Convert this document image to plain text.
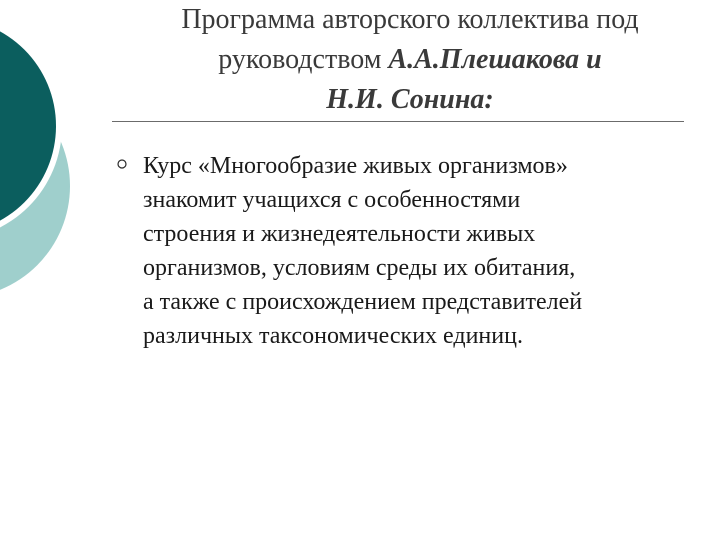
Программа авторского коллектива под
руководством А.А.Плешакова и
Н.И. Сонина:
Курс «Многообразие живых организмов»
знакомит учащихся с особенностями
строения и жизнедеятельности живых
организмов, условиям среды их обитания,
а также с происхождением представителей
различных таксономических единиц.
